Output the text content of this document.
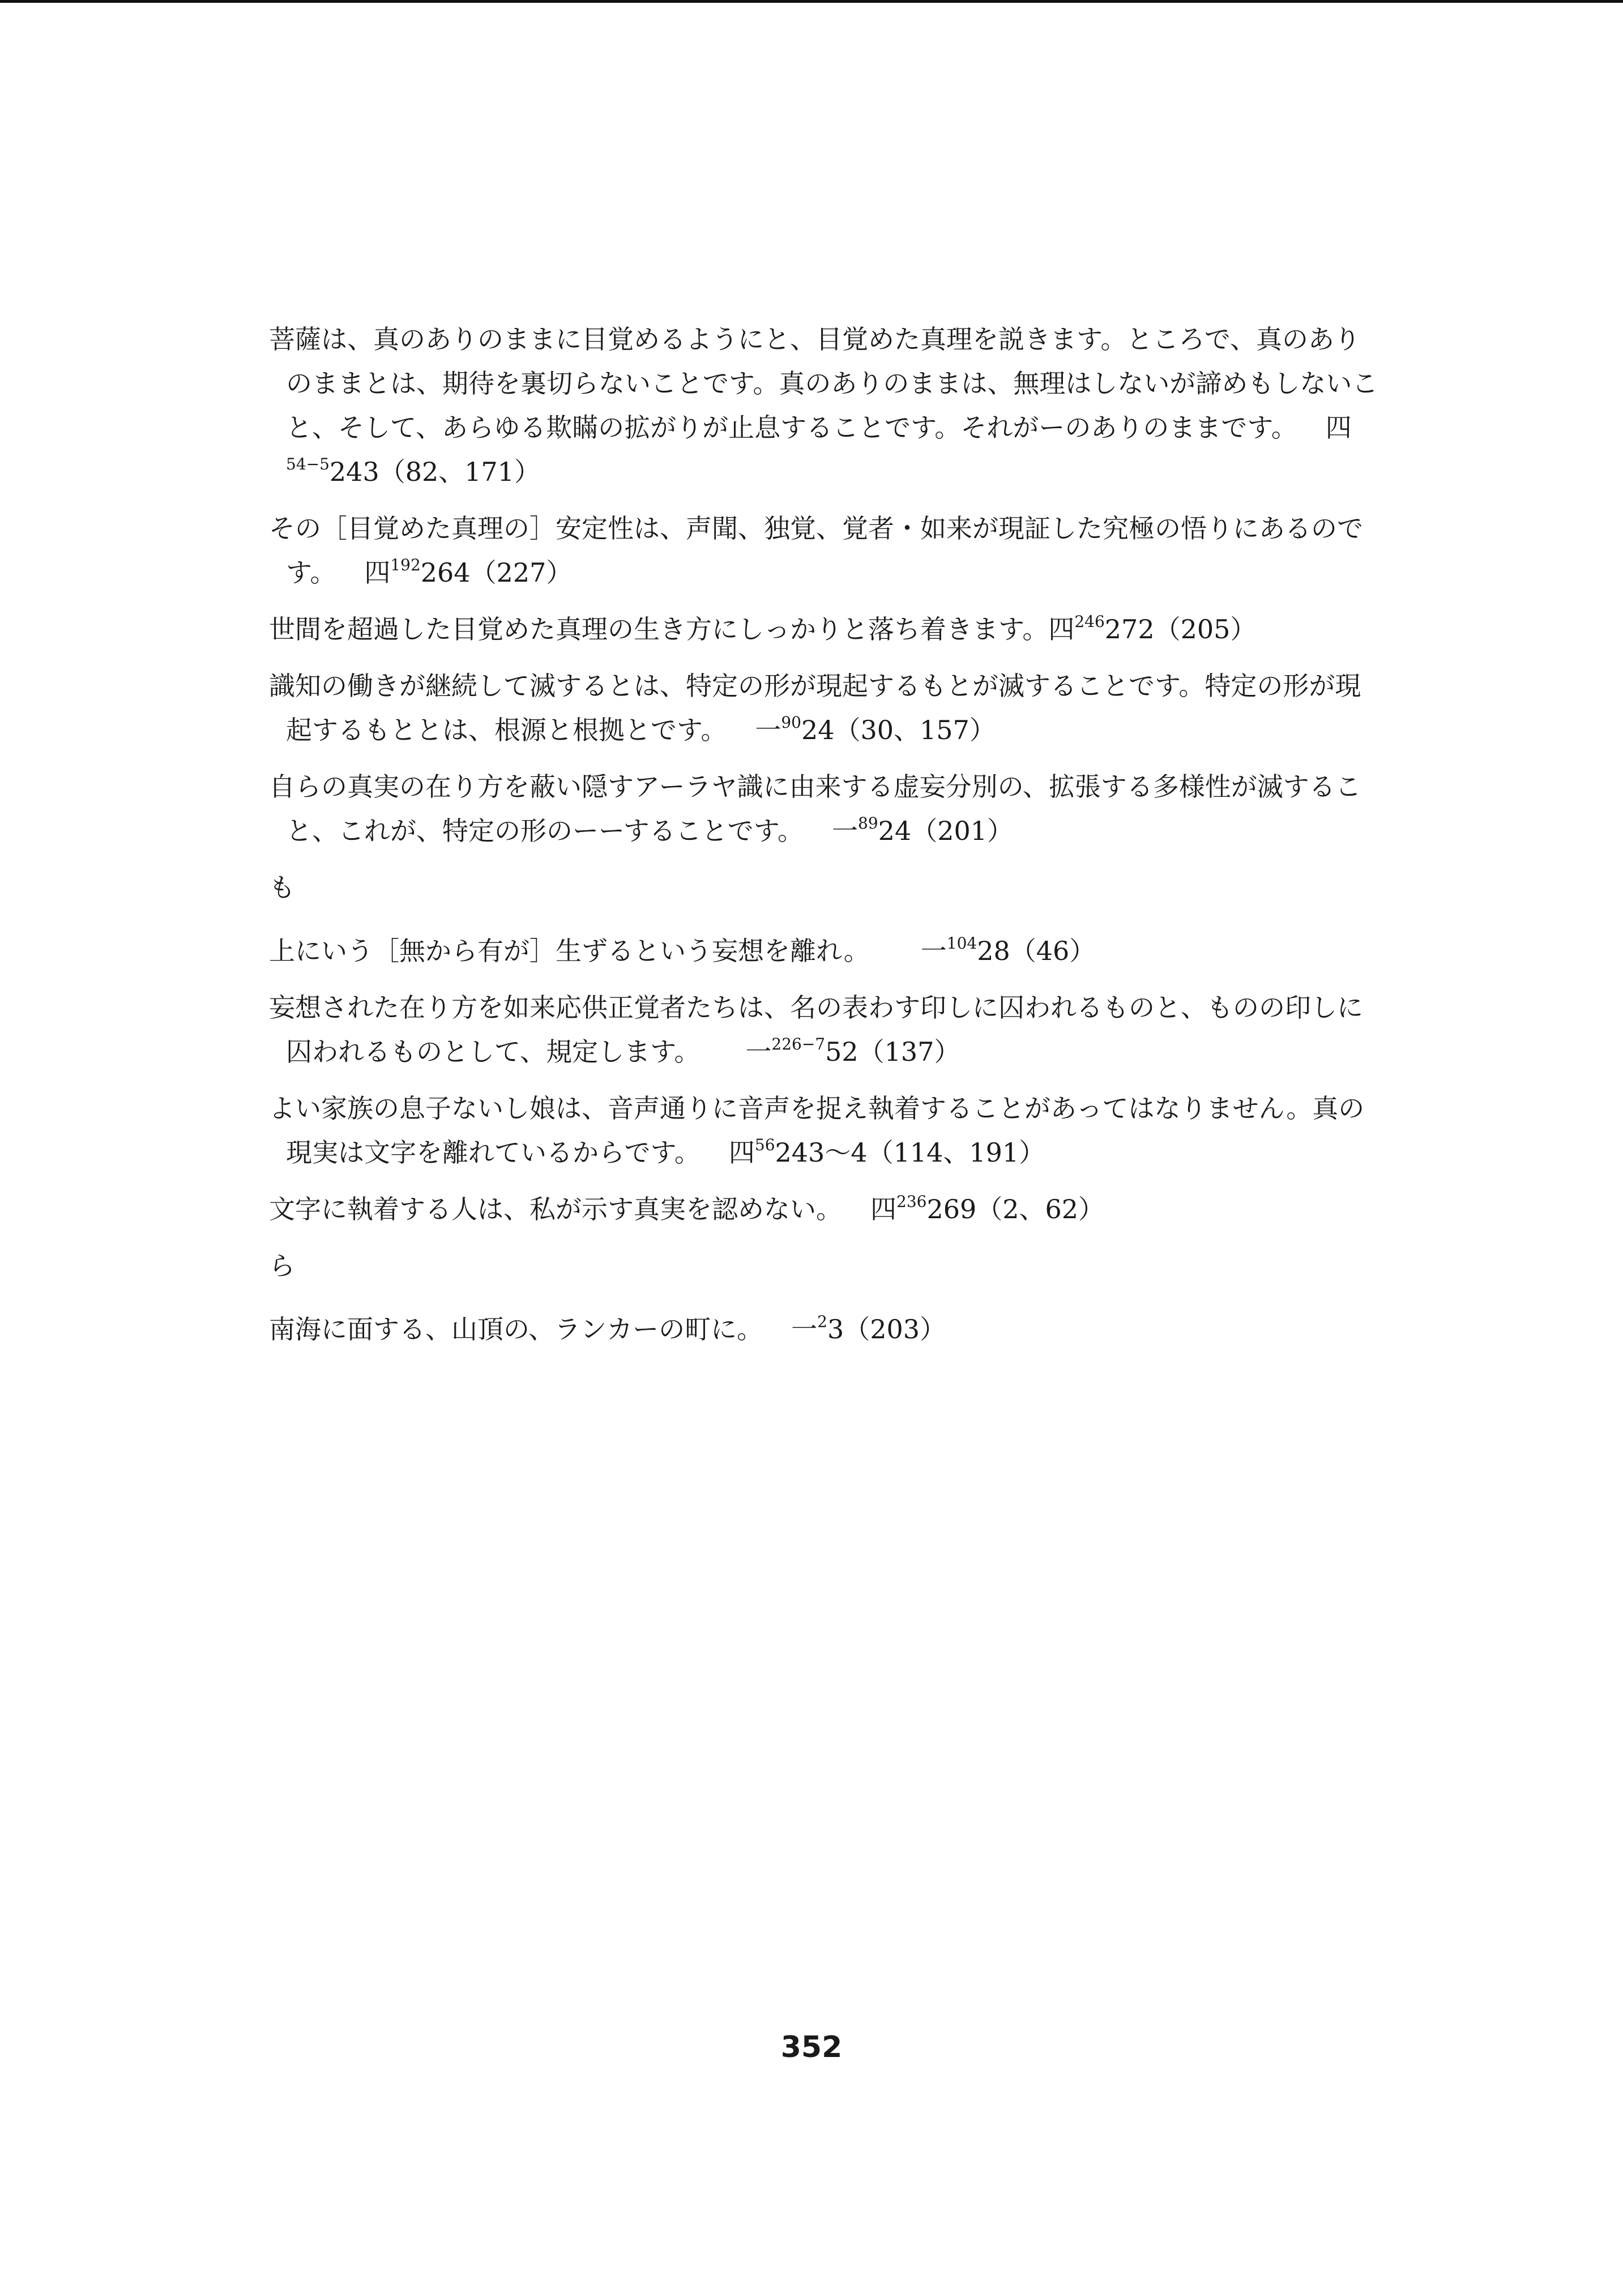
菩薩は、真のありのままに目覚めるようにと、目覚めた真理を説きます。ところで、真のありのままとは、期待を裏切らないことです。真のありのままは、無理はしないが諦めもしないこと、そして、あらゆる欺瞞の拡がりが止息することです。それがーのありのままです。 四$^{54-5}$243（82、171）

その［目覚めた真理の］安定性は、声聞、独覚、覚者・如来が現証した究極の悟りにあるのです。 四$^{192}$264（227）

世間を超過した目覚めた真理の生き方にしっかりと落ち着きます。四$^{246}$272（205）

識知の働きが継続して滅するとは、特定の形が現起するもとが滅することです。特定の形が現起するもととは、根源と根拠とです。 一$^{90}$24（30、157）

自らの真実の在り方を蔽い隠すアーラヤ識に由来する虚妄分別の、拡張する多様性が滅すること、これが、特定の形のーーすることです。 一$^{89}$24（201）

も

上にいう［無から有が］生ずるという妄想を離れ。 一$^{104}$28（46）

妄想された在り方を如来応供正覚者たちは、名の表わす印しに囚われるものと、ものの印しに囚われるものとして、規定します。 一$^{226-7}$52（137）

よい家族の息子ないし娘は、音声通りに音声を捉え執着することがあってはなりません。真の現実は文字を離れているからです。 四$^{56}$243〜4（114、191）

文字に執着する人は、私が示す真実を認めない。 四$^{236}$269（2、62）

ら

南海に面する、山頂の、ランカーの町に。 一$^2$3（203）

352
